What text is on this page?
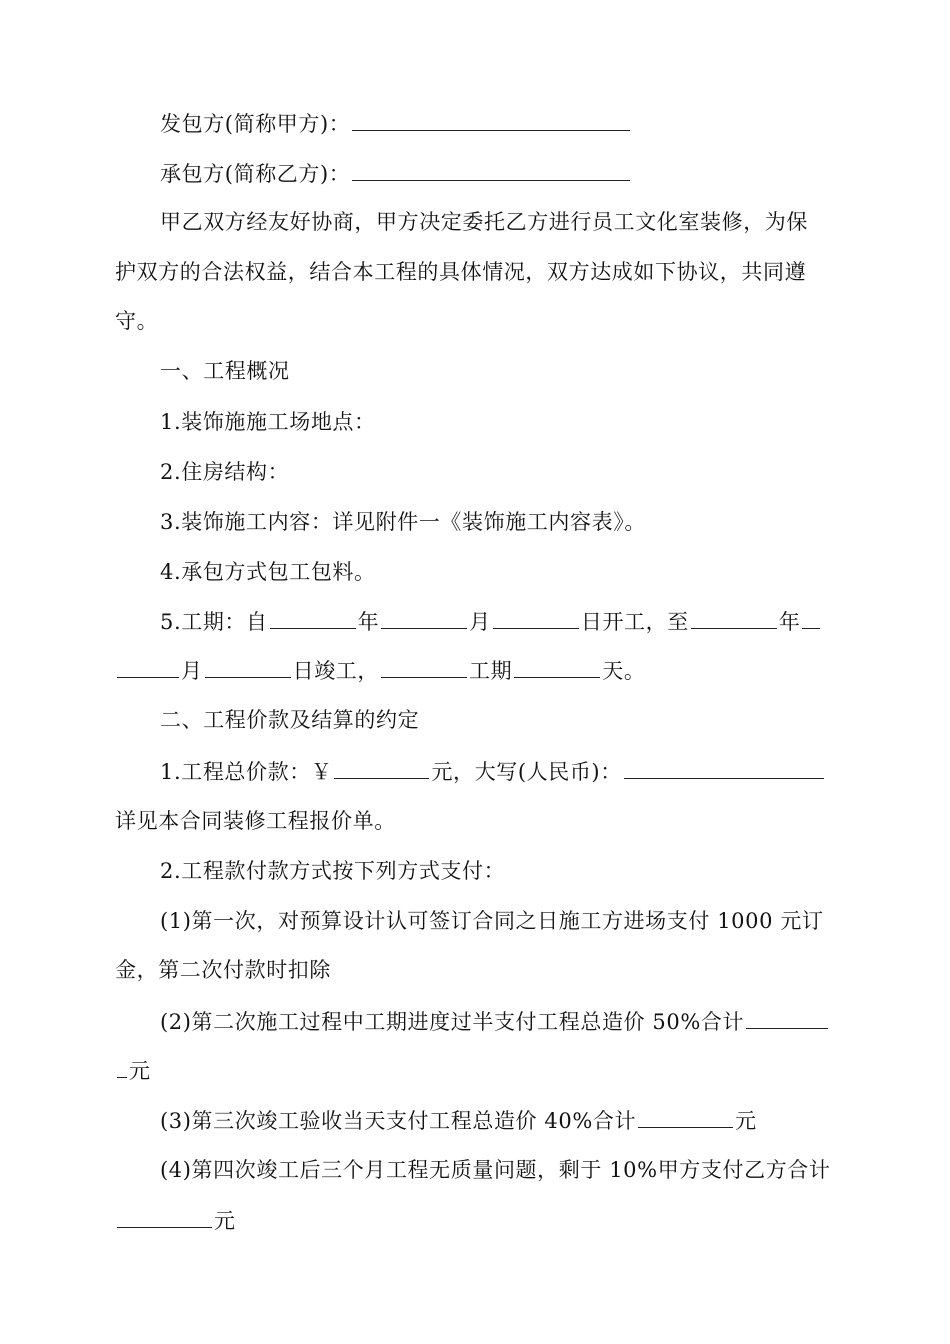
发包方(简称甲方)：
承包方(简称乙方)：
甲乙双方经友好协商，甲方决定委托乙方进行员工文化室装修，为保
护双方的合法权益，结合本工程的具体情况，双方达成如下协议，共同遵
守。
一、工程概况
1.装饰施施工场地点：
2.住房结构：
3.装饰施工内容：详见附件一《装饰施工内容表》。
4.承包方式包工包料。
5.工期：自	年	月	日开工，至	年
月	日竣工，	工期	天。
二、工程价款及结算的约定
1.工程总价款：￥	元，大写(人民币)：
详见本合同装修工程报价单。
2.工程款付款方式按下列方式支付：
(1)第一次，对预算设计认可签订合同之日施工方进场支付 1000 元订
金，第二次付款时扣除
(2)第二次施工过程中工期进度过半支付工程总造价 50%合计
元
(3)第三次竣工验收当天支付工程总造价 40%合计	元
(4)第四次竣工后三个月工程无质量问题，剩于 10%甲方支付乙方合计
元
